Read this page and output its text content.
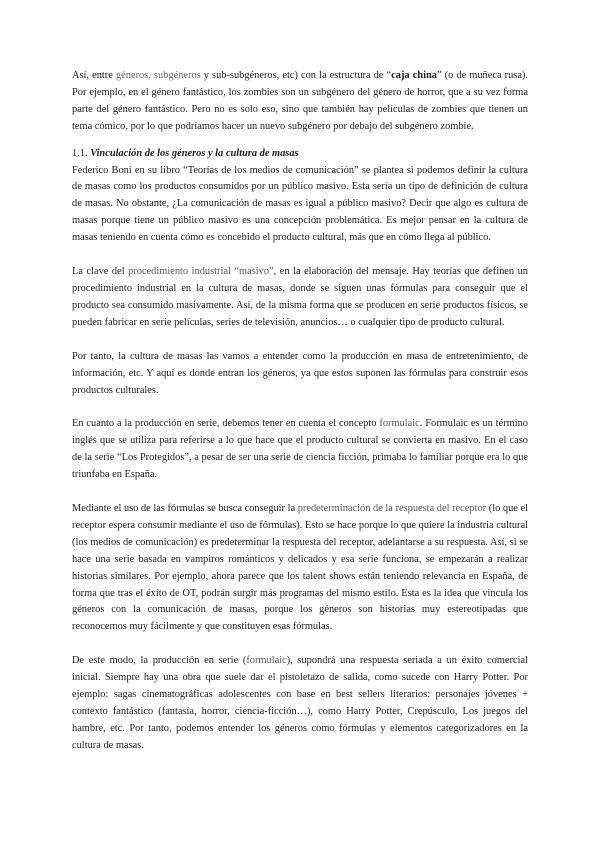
Así, entre géneros, subgéneros y sub-subgéneros, etc) con la estructura de “caja china” (o de muñeca rusa). Por ejemplo, en el género fantástico, los zombies son un subgénero del género de horror, que a su vez forma parte del género fantástico. Pero no es solo eso, sino que también hay películas de zombies que tienen un tema cómico, por lo que podríamos hacer un nuevo subgénero por debajo del subgénero zombie.

1.1. Vinculación de los géneros y la cultura de masas

Federico Boni en su libro “Teorías de los medios de comunicación” se plantea si podemos definir la cultura de masas como los productos consumidos por un público masivo. Esta sería un tipo de definición de cultura de masas. No obstante, ¿La comunicación de masas es igual a público masivo? Decir que algo es cultura de masas porque tiene un público masivo es una concepción problemática. Es mejor pensar en la cultura de masas teniendo en cuenta cómo es concebido el producto cultural, más que en cómo llega al público.

La clave del procedimiento industrial “masivo”, en la elaboración del mensaje. Hay teorías que definen un procedimiento industrial en la cultura de masas, donde se siguen unas fórmulas para conseguir que el producto sea consumido masivamente. Así, de la misma forma que se producen en serie productos físicos, se pueden fabricar en serie películas, series de televisión, anuncios… o cualquier tipo de producto cultural.

Por tanto, la cultura de masas las vamos a entender como la producción en masa de entretenimiento, de información, etc. Y aquí es donde entran los géneros, ya que estos suponen las fórmulas para construir esos productos culturales.

En cuanto a la producción en serie, debemos tener en cuenta el concepto formulaic. Formulaic es un término inglés que se utiliza para referirse a lo que hace que el producto cultural se convierta en masivo. En el caso de la serie “Los Protegidos”, a pesar de ser una serie de ciencia ficción, primaba lo familiar porque era lo que triunfaba en España.

Mediante el uso de las fórmulas se busca conseguir la predeterminación de la respuesta del receptor (lo que el receptor espera consumir mediante el uso de fórmulas). Esto se hace porque lo que quiere la industria cultural (los medios de comunicación) es predeterminar la respuesta del receptor, adelantarse a su respuesta. Así, si se hace una serie basada en vampiros románticos y delicados y esa serie funciona, se empezarán a realizar historias similares. Por ejemplo, ahora parece que los talent shows están teniendo relevancia en España, de forma que tras el éxito de OT, podrán surgir más programas del mismo estilo. Esta es la idea que vincula los géneros con la comunicación de masas, porque los géneros son historias muy estereotipadas que reconocemos muy fácilmente y que constituyen esas fórmulas.

De este modo, la producción en serie (formulaic), supondrá una respuesta seriada a un éxito comercial inicial. Siempre hay una obra que suele dar el pistoletazo de salida, como sucede con Harry Potter. Por ejemplo: sagas cinematográficas adolescentes con base en best sellers literarios: personajes jóvenes + contexto fantástico (fantasía, horror, ciencia-ficción…), como Harry Potter, Crepúsculo, Los juegos del hambre, etc. Por tanto, podemos entender los géneros como fórmulas y elementos categorizadores en la cultura de masas.
